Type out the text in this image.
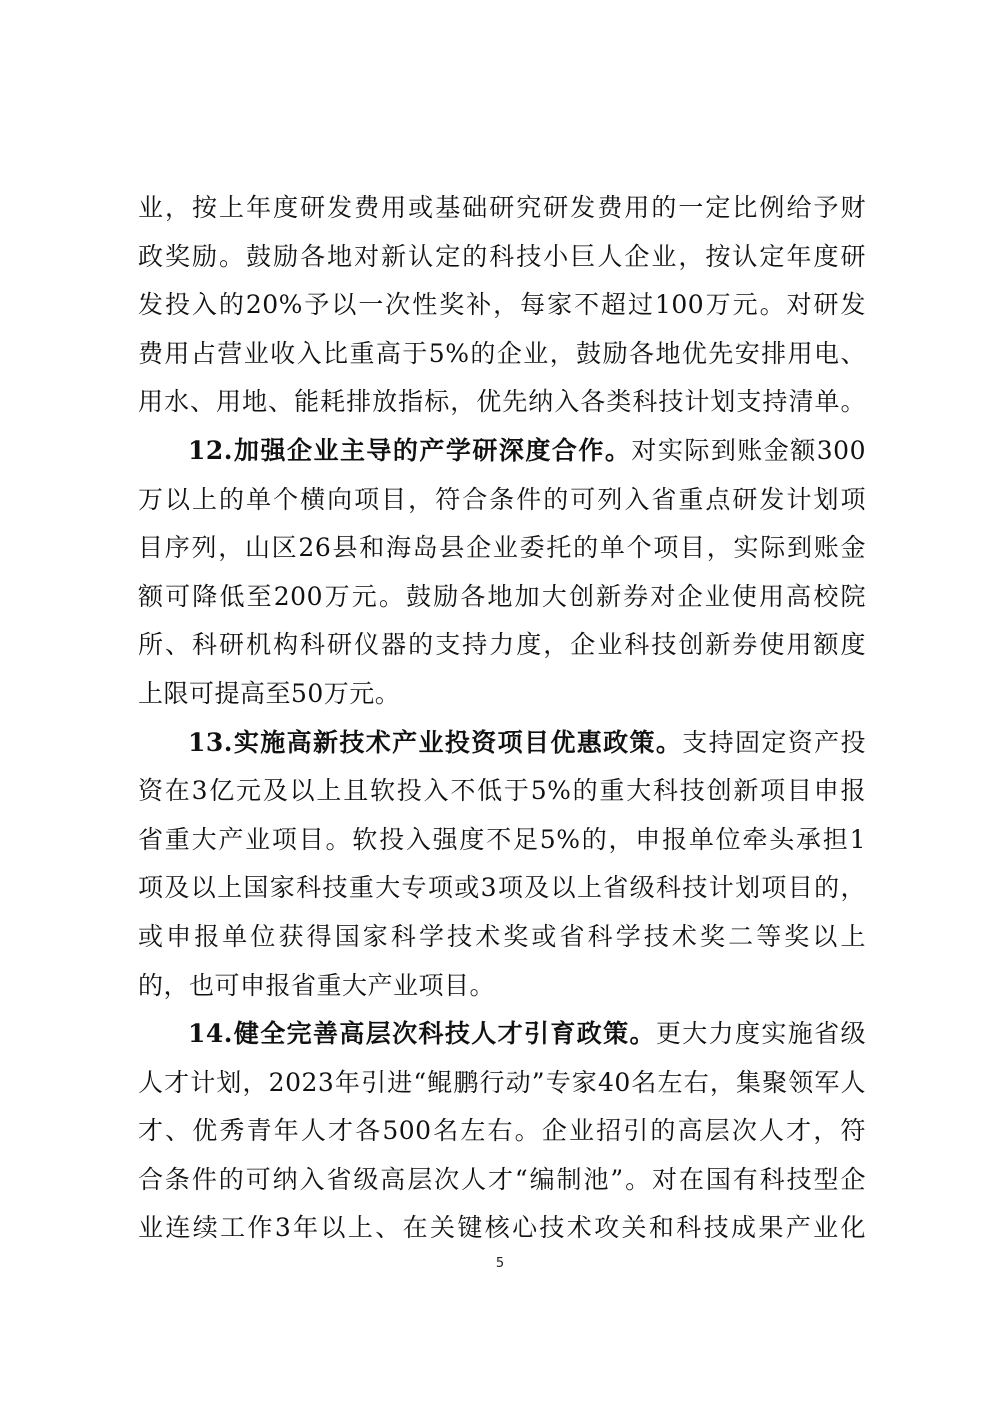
业，按上年度研发费用或基础研究研发费用的一定比例给予财
政奖励。鼓励各地对新认定的科技小巨人企业，按认定年度研
发投入的20%予以一次性奖补，每家不超过100万元。对研发
费用占营业收入比重高于5%的企业，鼓励各地优先安排用电、
用水、用地、能耗排放指标，优先纳入各类科技计划支持清单。
12.加强企业主导的产学研深度合作。对实际到账金额300
万以上的单个横向项目，符合条件的可列入省重点研发计划项
目序列，山区26县和海岛县企业委托的单个项目，实际到账金
额可降低至200万元。鼓励各地加大创新券对企业使用高校院
所、科研机构科研仪器的支持力度，企业科技创新券使用额度
上限可提高至50万元。
13.实施高新技术产业投资项目优惠政策。支持固定资产投
资在3亿元及以上且软投入不低于5%的重大科技创新项目申报
省重大产业项目。软投入强度不足5%的，申报单位牵头承担1
项及以上国家科技重大专项或3项及以上省级科技计划项目的，
或申报单位获得国家科学技术奖或省科学技术奖二等奖以上
的，也可申报省重大产业项目。
14.健全完善高层次科技人才引育政策。更大力度实施省级
人才计划，2023年引进“鲲鹏行动”专家40名左右，集聚领军人
才、优秀青年人才各500名左右。企业招引的高层次人才，符
合条件的可纳入省级高层次人才“编制池”。对在国有科技型企
业连续工作3年以上、在关键核心技术攻关和科技成果产业化
5
